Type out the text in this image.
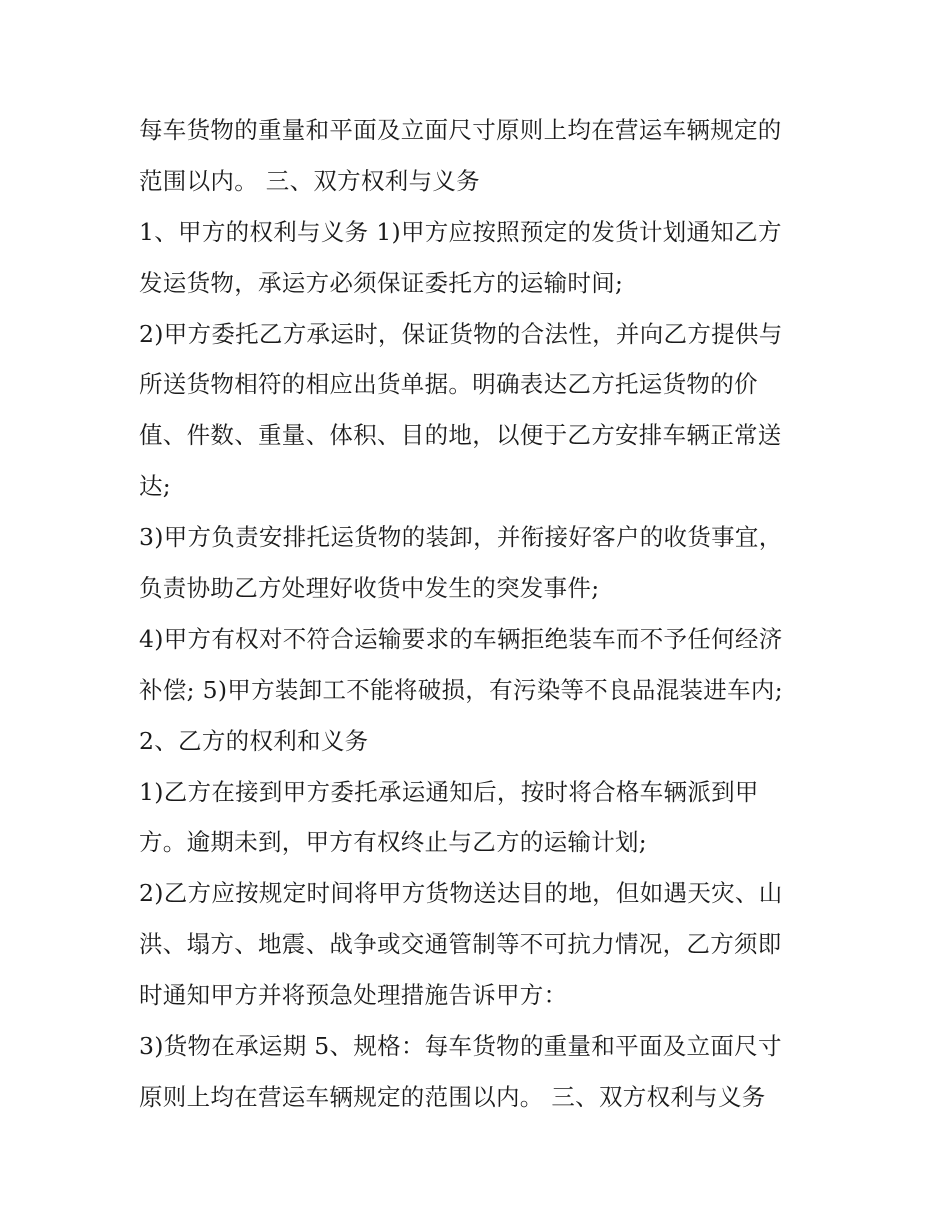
每车货物的重量和平面及立面尺寸原则上均在营运车辆规定的
范围以内。 三、双方权利与义务
1、甲方的权利与义务 1)甲方应按照预定的发货计划通知乙方
发运货物，承运方必须保证委托方的运输时间;
2)甲方委托乙方承运时，保证货物的合法性，并向乙方提供与
所送货物相符的相应出货单据。明确表达乙方托运货物的价
值、件数、重量、体积、目的地，以便于乙方安排车辆正常送
达;
3)甲方负责安排托运货物的装卸，并衔接好客户的收货事宜，
负责协助乙方处理好收货中发生的突发事件;
4)甲方有权对不符合运输要求的车辆拒绝装车而不予任何经济
补偿; 5)甲方装卸工不能将破损，有污染等不良品混装进车内;
2、乙方的权利和义务
1)乙方在接到甲方委托承运通知后，按时将合格车辆派到甲
方。逾期未到，甲方有权终止与乙方的运输计划;
2)乙方应按规定时间将甲方货物送达目的地，但如遇天灾、山
洪、塌方、地震、战争或交通管制等不可抗力情况，乙方须即
时通知甲方并将预急处理措施告诉甲方：
3)货物在承运期 5、规格：每车货物的重量和平面及立面尺寸
原则上均在营运车辆规定的范围以内。 三、双方权利与义务
